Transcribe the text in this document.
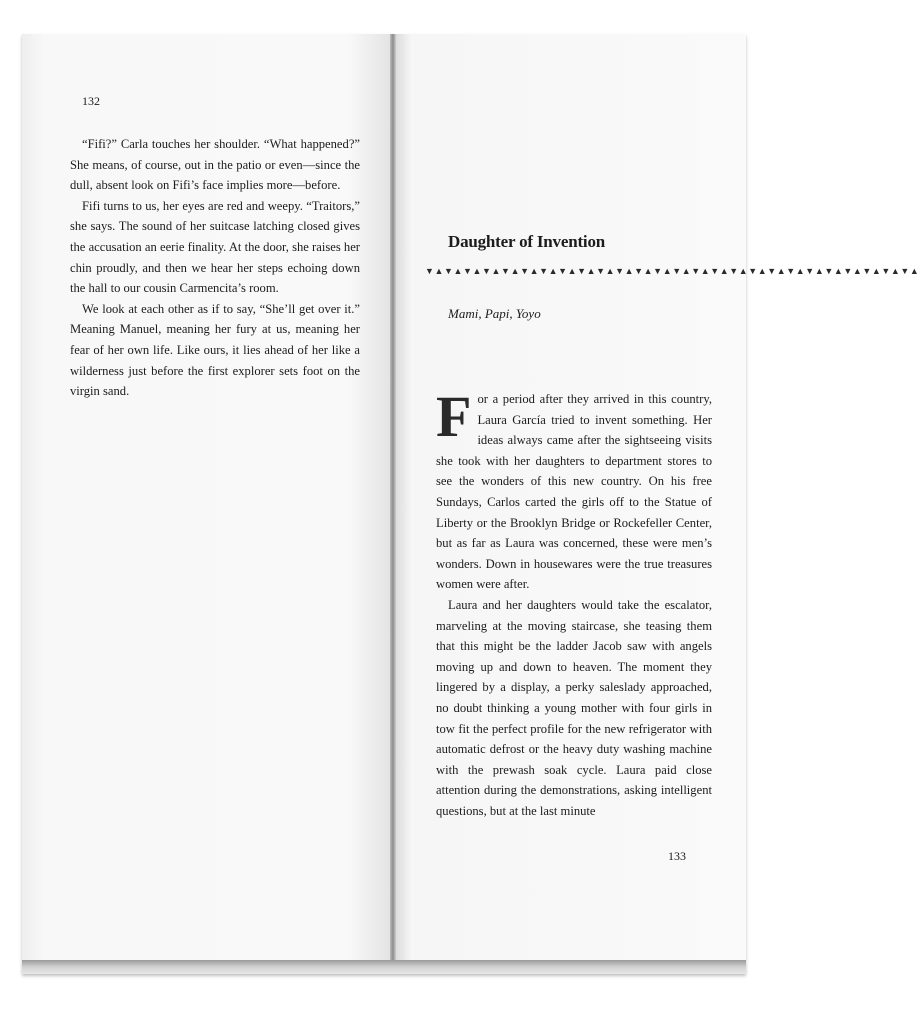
132

“Fifi?” Carla touches her shoulder. “What happened?” She means, of course, out in the patio or even—since the dull, absent look on Fifi’s face implies more—before.

Fifi turns to us, her eyes are red and weepy. “Traitors,” she says. The sound of her suitcase latching closed gives the accusation an eerie finality. At the door, she raises her chin proudly, and then we hear her steps echoing down the hall to our cousin Carmencita’s room.

We look at each other as if to say, “She’ll get over it.” Meaning Manuel, meaning her fury at us, meaning her fear of her own life. Like ours, it lies ahead of her like a wilderness just before the first explorer sets foot on the virgin sand.

Daughter of Invention
▼▲▼▲▼▲▼▲▼▲▼▲▼▲▼▲▼▲▼▲▼▲▼▲▼▲▼▲▼▲▼▲▼▲▼▲▼▲▼▲▼▲▼▲▼▲▼▲▼▲▼▲
Mami, Papi, Yoyo

For a period after they arrived in this country, Laura García tried to invent something. Her ideas always came after the sightseeing visits she took with her daughters to department stores to see the wonders of this new country. On his free Sundays, Carlos carted the girls off to the Statue of Liberty or the Brooklyn Bridge or Rockefeller Center, but as far as Laura was concerned, these were men’s wonders. Down in housewares were the true treasures women were after.

Laura and her daughters would take the escalator, marveling at the moving staircase, she teasing them that this might be the ladder Jacob saw with angels moving up and down to heaven. The moment they lingered by a display, a perky saleslady approached, no doubt thinking a young mother with four girls in tow fit the perfect profile for the new refrigerator with automatic defrost or the heavy duty washing machine with the prewash soak cycle. Laura paid close attention during the demonstrations, asking intelligent questions, but at the last minute

133
